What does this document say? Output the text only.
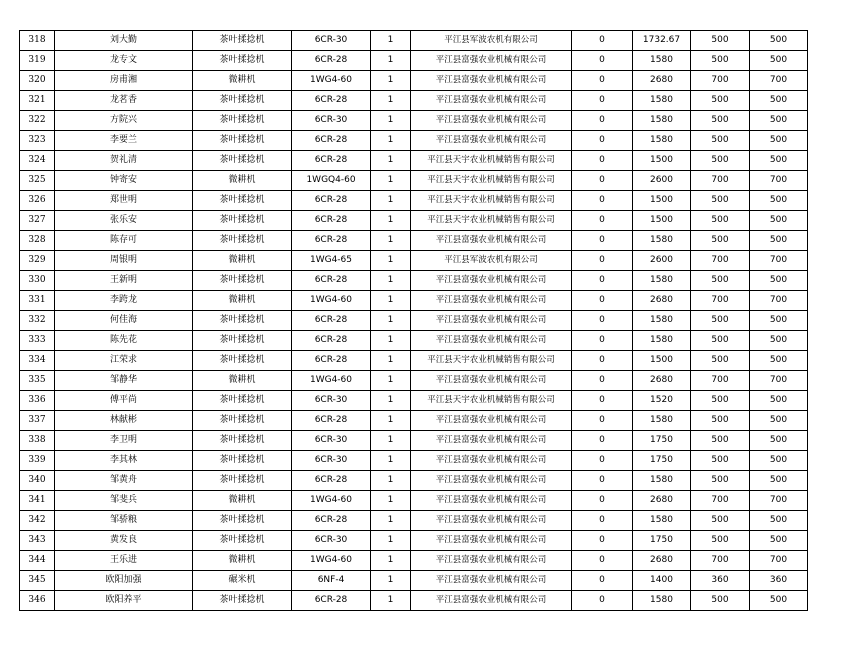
318	刘大勤	茶叶揉捻机	6CR-30	1	平江县军波农机有限公司	0	1732.67	500	500
319	龙专文	茶叶揉捻机	6CR-28	1	平江县富强农业机械有限公司	0	1580	500	500
320	房甫湘	微耕机	1WG4-60	1	平江县富强农业机械有限公司	0	2680	700	700
321	龙茗香	茶叶揉捻机	6CR-28	1	平江县富强农业机械有限公司	0	1580	500	500
322	方院兴	茶叶揉捻机	6CR-30	1	平江县富强农业机械有限公司	0	1580	500	500
323	李要兰	茶叶揉捻机	6CR-28	1	平江县富强农业机械有限公司	0	1580	500	500
324	贺礼清	茶叶揉捻机	6CR-28	1	平江县天宇农业机械销售有限公司	0	1500	500	500
325	钟寄安	微耕机	1WGQ4-60	1	平江县天宇农业机械销售有限公司	0	2600	700	700
326	郑世明	茶叶揉捻机	6CR-28	1	平江县天宇农业机械销售有限公司	0	1500	500	500
327	张乐安	茶叶揉捻机	6CR-28	1	平江县天宇农业机械销售有限公司	0	1500	500	500
328	陈存可	茶叶揉捻机	6CR-28	1	平江县富强农业机械有限公司	0	1580	500	500
329	周银明	微耕机	1WG4-65	1	平江县军波农机有限公司	0	2600	700	700
330	王新明	茶叶揉捻机	6CR-28	1	平江县富强农业机械有限公司	0	1580	500	500
331	李跨龙	微耕机	1WG4-60	1	平江县富强农业机械有限公司	0	2680	700	700
332	何佳海	茶叶揉捻机	6CR-28	1	平江县富强农业机械有限公司	0	1580	500	500
333	陈先花	茶叶揉捻机	6CR-28	1	平江县富强农业机械有限公司	0	1580	500	500
334	江荣求	茶叶揉捻机	6CR-28	1	平江县天宇农业机械销售有限公司	0	1500	500	500
335	邹静华	微耕机	1WG4-60	1	平江县富强农业机械有限公司	0	2680	700	700
336	傅平尚	茶叶揉捻机	6CR-30	1	平江县天宇农业机械销售有限公司	0	1520	500	500
337	林献彬	茶叶揉捻机	6CR-28	1	平江县富强农业机械有限公司	0	1580	500	500
338	李卫明	茶叶揉捻机	6CR-30	1	平江县富强农业机械有限公司	0	1750	500	500
339	李其林	茶叶揉捻机	6CR-30	1	平江县富强农业机械有限公司	0	1750	500	500
340	邹黄舟	茶叶揉捻机	6CR-28	1	平江县富强农业机械有限公司	0	1580	500	500
341	邹斐兵	微耕机	1WG4-60	1	平江县富强农业机械有限公司	0	2680	700	700
342	邹骄粮	茶叶揉捻机	6CR-28	1	平江县富强农业机械有限公司	0	1580	500	500
343	黄发良	茶叶揉捻机	6CR-30	1	平江县富强农业机械有限公司	0	1750	500	500
344	王乐进	微耕机	1WG4-60	1	平江县富强农业机械有限公司	0	2680	700	700
345	欧阳加强	碾米机	6NF-4	1	平江县富强农业机械有限公司	0	1400	360	360
346	欧阳养平	茶叶揉捻机	6CR-28	1	平江县富强农业机械有限公司	0	1580	500	500
